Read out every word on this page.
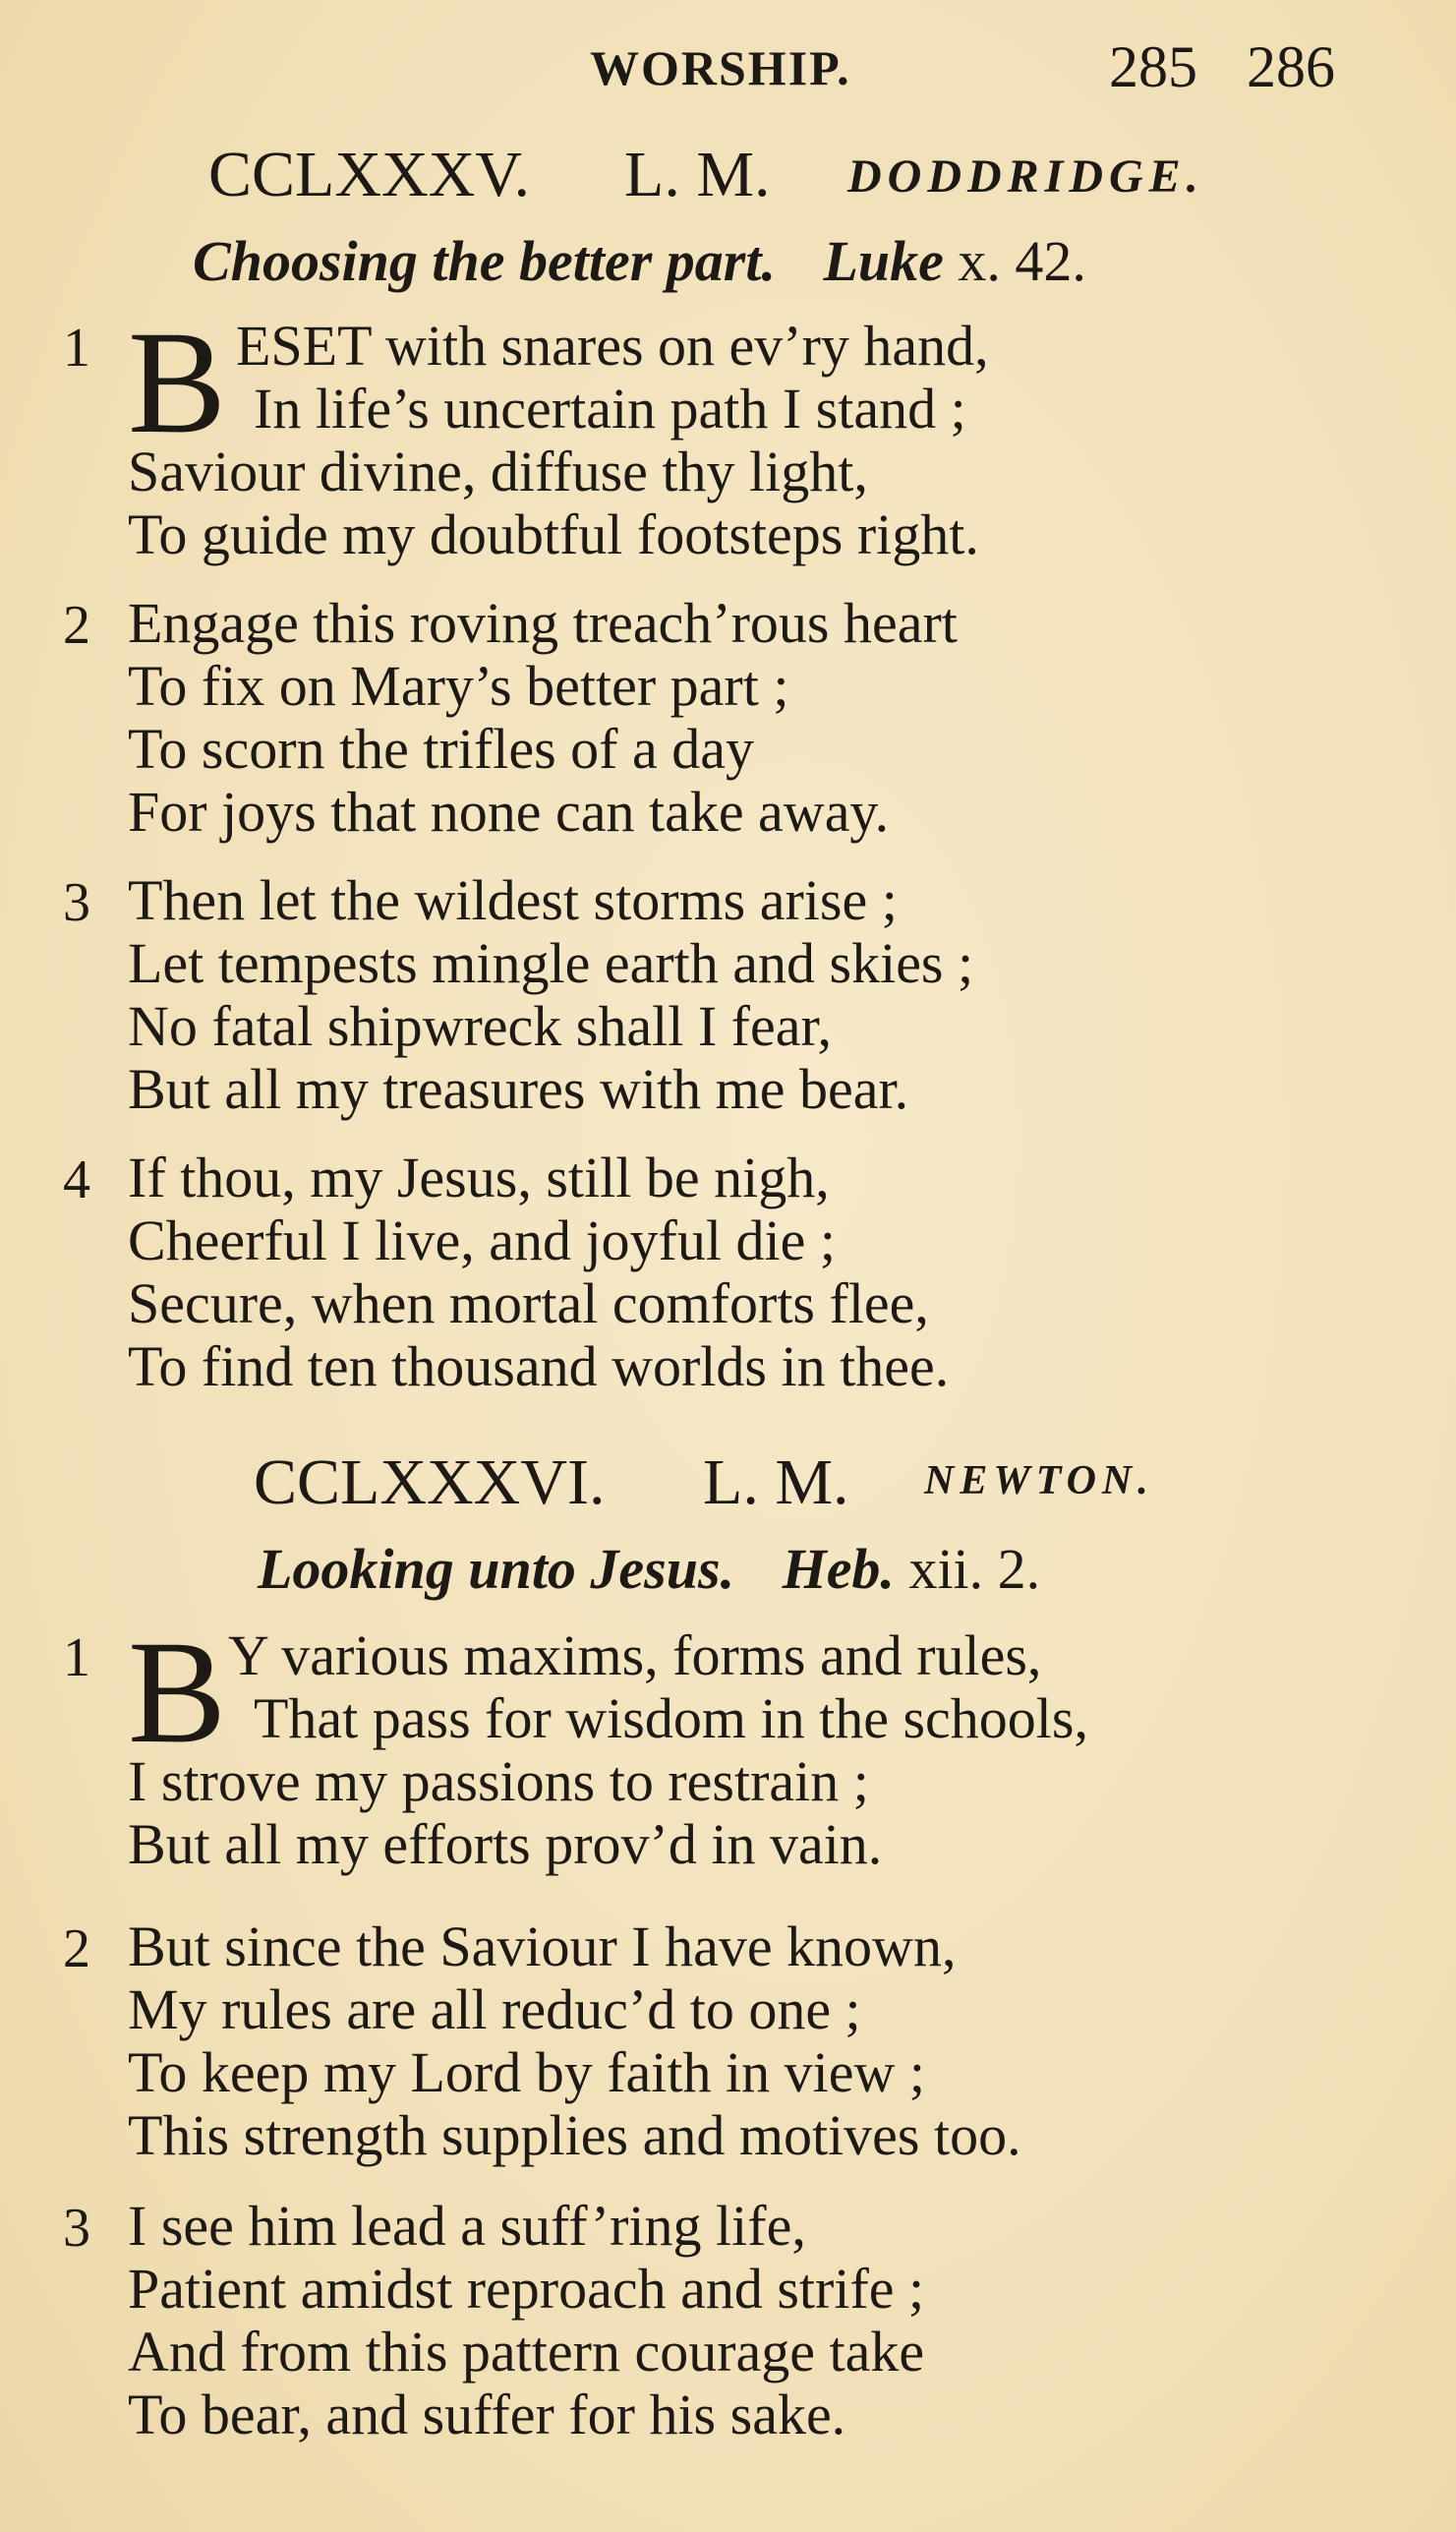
WORSHIP.	285 286
CCLXXXV. L. M. DODDRIDGE.
Choosing the better part. Luke x. 42.
1 B ESET with snares on ev’ry hand,
In life’s uncertain path I stand ;
Saviour divine, diffuse thy light,
To guide my doubtful footsteps right.
2 Engage this roving treach’rous heart
To fix on Mary’s better part ;
To scorn the trifles of a day
For joys that none can take away.
3 Then let the wildest storms arise ;
Let tempests mingle earth and skies ;
No fatal shipwreck shall I fear,
But all my treasures with me bear.
4 If thou, my Jesus, still be nigh,
Cheerful I live, and joyful die ;
Secure, when mortal comforts flee,
To find ten thousand worlds in thee.
CCLXXXVI. L. M. NEWTON.
Looking unto Jesus. Heb. xii. 2.
1 B Y various maxims, forms and rules,
That pass for wisdom in the schools,
I strove my passions to restrain ;
But all my efforts prov’d in vain.
2 But since the Saviour I have known,
My rules are all reduc’d to one ;
To keep my Lord by faith in view ;
This strength supplies and motives too.
3 I see him lead a suff’ring life,
Patient amidst reproach and strife ;
And from this pattern courage take
To bear, and suffer for his sake.
